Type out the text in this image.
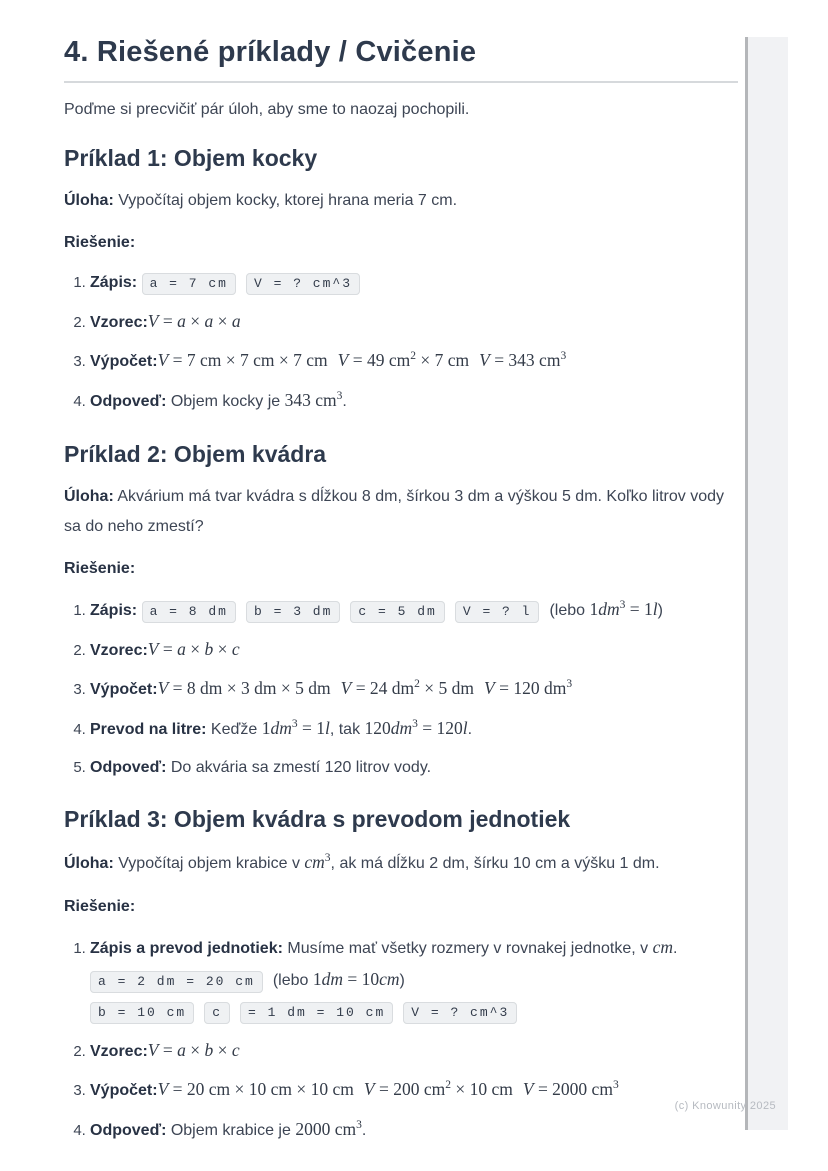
4. Riešené príklady / Cvičenie

Poďme si precvičiť pár úloh, aby sme to naozaj pochopili.

Príklad 1: Objem kocky

Úloha: Vypočítaj objem kocky, ktorej hrana meria 7 cm.

Riešenie:

1. Zápis: a = 7 cm V = ? cm^3
2. Vzorec:V = a × a × a
3. Výpočet:V = 7 cm × 7 cm × 7 cm V = 49 $cm^2 \times 7$ cm V = 343 $cm^3$
4. Odpoveď: Objem kocky je 343 $cm^3$.
Príklad 2: Objem kvádra

Úloha: Akvárium má tvar kvádra s dĺžkou 8 dm, šírkou 3 dm a výškou 5 dm. Koľko litrov vody sa do neho zmestí?

Riešenie:

1. Zápis: a = 8 dm b = 3 dm c = 5 dm V = ? l (lebo $1dm^3 = 1l$)
2. Vzorec:V = a × b × c
3. Výpočet:V = 8 dm × 3 dm × 5 dm V = 24 $dm^2 \times 5$ dm V = 120 $dm^3$
4. Prevod na litre: Keďže $1dm^3 = 1l$, tak $120dm^3 = 120l$.
5. Odpoveď: Do akvária sa zmestí 120 litrov vody.
Príklad 3: Objem kvádra s prevodom jednotiek

Úloha: Vypočítaj objem krabice v $cm^3$, ak má dĺžku 2 dm, šírku 10 cm a výšku 1 dm.

Riešenie:

1. Zápis a prevod jednotiek: Musíme mať všetky rozmery v rovnakej jednotke, v cm. a = 2 dm = 20 cm (lebo 1dm = 10cm) b = 10 cm c = 1 dm = 10 cm V = ? cm^3
2. Vzorec:V = a × b × c
3. Výpočet:V = 20 cm × 10 cm × 10 cm V = 200 $cm^2 \times 10$ cm V = 2000 $cm^3$
4. Odpoveď: Objem krabice je 2000 $cm^3$.
(c) Knowunity 2025
